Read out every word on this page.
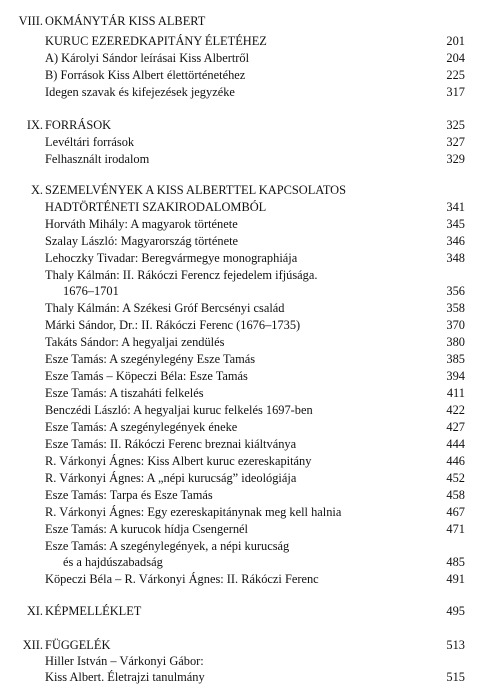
VIII. OKMÁNYTÁR KISS ALBERT
KURUC EZEREDKAPITÁNY ÉLETÉHEZ	201
A) Károlyi Sándor leírásai Kiss Albertről	204
B) Források Kiss Albert élettörténetéhez	225
Idegen szavak és kifejezések jegyzéke	317
IX. FORRÁSOK	325
Levéltári források	327
Felhasznált irodalom	329
X. SZEMELVÉNYEK A KISS ALBERTTEL KAPCSOLATOS
HADTÖRTÉNETI SZAKIRODALOMBÓL	341
Horváth Mihály: A magyarok története	345
Szalay László: Magyarország története	346
Lehoczky Tivadar: Beregvármegye monographiája	348
Thaly Kálmán: II. Rákóczi Ferencz fejedelem ifjúsága.
1676–1701	356
Thaly Kálmán: A Székesi Gróf Bercsényi család	358
Márki Sándor, Dr.: II. Rákóczi Ferenc (1676–1735)	370
Takáts Sándor: A hegyaljai zendülés	380
Esze Tamás: A szegénylegény Esze Tamás	385
Esze Tamás – Köpeczi Béla: Esze Tamás	394
Esze Tamás: A tiszaháti felkelés	411
Benczédi László: A hegyaljai kuruc felkelés 1697-ben	422
Esze Tamás: A szegénylegények éneke	427
Esze Tamás: II. Rákóczi Ferenc breznai kiáltványa	444
R. Várkonyi Ágnes: Kiss Albert kuruc ezereskapitány	446
R. Várkonyi Ágnes: A „népi kurucság” ideológiája	452
Esze Tamás: Tarpa és Esze Tamás	458
R. Várkonyi Ágnes: Egy ezereskapitánynak meg kell halnia	467
Esze Tamás: A kurucok hídja Csengernél	471
Esze Tamás: A szegénylegények, a népi kurucság
és a hajdúszabadság	485
Köpeczi Béla – R. Várkonyi Ágnes: II. Rákóczi Ferenc	491
XI. KÉPMELLÉKLET	495
XII. FÜGGELÉK	513
Hiller István – Várkonyi Gábor:
Kiss Albert. Életrajzi tanulmány	515
